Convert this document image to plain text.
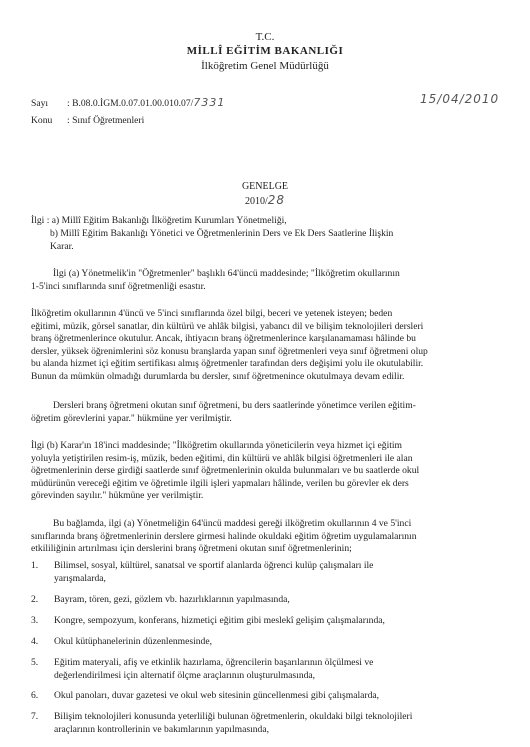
T.C.
MİLLÎ EĞİTİM BAKANLIĞI
İlköğretim Genel Müdürlüğü
Sayı : B.08.0.İGM.0.07.01.00.010.07/7331	15/04/2010
Konu : Sınıf Öğretmenleri
GENELGE
2010/28
İlgi : a) Millî Eğitim Bakanlığı İlköğretim Kurumları Yönetmeliği,
b) Millî Eğitim Bakanlığı Yönetici ve Öğretmenlerinin Ders ve Ek Ders Saatlerine İlişkin
Karar.
İlgi (a) Yönetmelik'in "Öğretmenler" başlıklı 64'üncü maddesinde; "İlköğretim okullarının
1-5'inci sınıflarında sınıf öğretmenliği esastır.
İlköğretim okullarının 4'üncü ve 5'inci sınıflarında özel bilgi, beceri ve yetenek isteyen; beden
eğitimi, müzik, görsel sanatlar, din kültürü ve ahlâk bilgisi, yabancı dil ve bilişim teknolojileri dersleri
branş öğretmenlerince okutulur. Ancak, ihtiyacın branş öğretmenlerince karşılanamaması hâlinde bu
dersler, yüksek öğrenimlerini söz konusu branşlarda yapan sınıf öğretmenleri veya sınıf öğretmeni olup
bu alanda hizmet içi eğitim sertifikası almış öğretmenler tarafından ders değişimi yolu ile okutulabilir.
Bunun da mümkün olmadığı durumlarda bu dersler, sınıf öğretmenince okutulmaya devam edilir.
Dersleri branş öğretmeni okutan sınıf öğretmeni, bu ders saatlerinde yönetimce verilen eğitim-
öğretim görevlerini yapar." hükmüne yer verilmiştir.
İlgi (b) Karar'ın 18'inci maddesinde; "İlköğretim okullarında yöneticilerin veya hizmet içi eğitim
yoluyla yetiştirilen resim-iş, müzik, beden eğitimi, din kültürü ve ahlâk bilgisi öğretmenleri ile alan
öğretmenlerinin derse girdiği saatlerde sınıf öğretmenlerinin okulda bulunmaları ve bu saatlerde okul
müdürünün vereceği eğitim ve öğretimle ilgili işleri yapmaları hâlinde, verilen bu görevler ek ders
görevinden sayılır." hükmüne yer verilmiştir.
Bu bağlamda, ilgi (a) Yönetmeliğin 64'üncü maddesi gereği ilköğretim okullarının 4 ve 5'inci
sınıflarında branş öğretmenlerinin derslere girmesi halinde okuldaki eğitim öğretim uygulamalarının
etkililiğinin artırılması için derslerini branş öğretmeni okutan sınıf öğretmenlerinin;
1. Bilimsel, sosyal, kültürel, sanatsal ve sportif alanlarda öğrenci kulüp çalışmaları ile
yarışmalarda,
2. Bayram, tören, gezi, gözlem vb. hazırlıklarının yapılmasında,
3. Kongre, sempozyum, konferans, hizmetiçi eğitim gibi meslekî gelişim çalışmalarında,
4. Okul kütüphanelerinin düzenlenmesinde,
5. Eğitim materyali, afiş ve etkinlik hazırlama, öğrencilerin başarılarının ölçülmesi ve
değerlendirilmesi için alternatif ölçme araçlarının oluşturulmasında,
6. Okul panoları, duvar gazetesi ve okul web sitesinin güncellenmesi gibi çalışmalarda,
7. Bilişim teknolojileri konusunda yeterliliği bulunan öğretmenlerin, okuldaki bilgi teknolojileri
araçlarının kontrollerinin ve bakımlarının yapılmasında,
